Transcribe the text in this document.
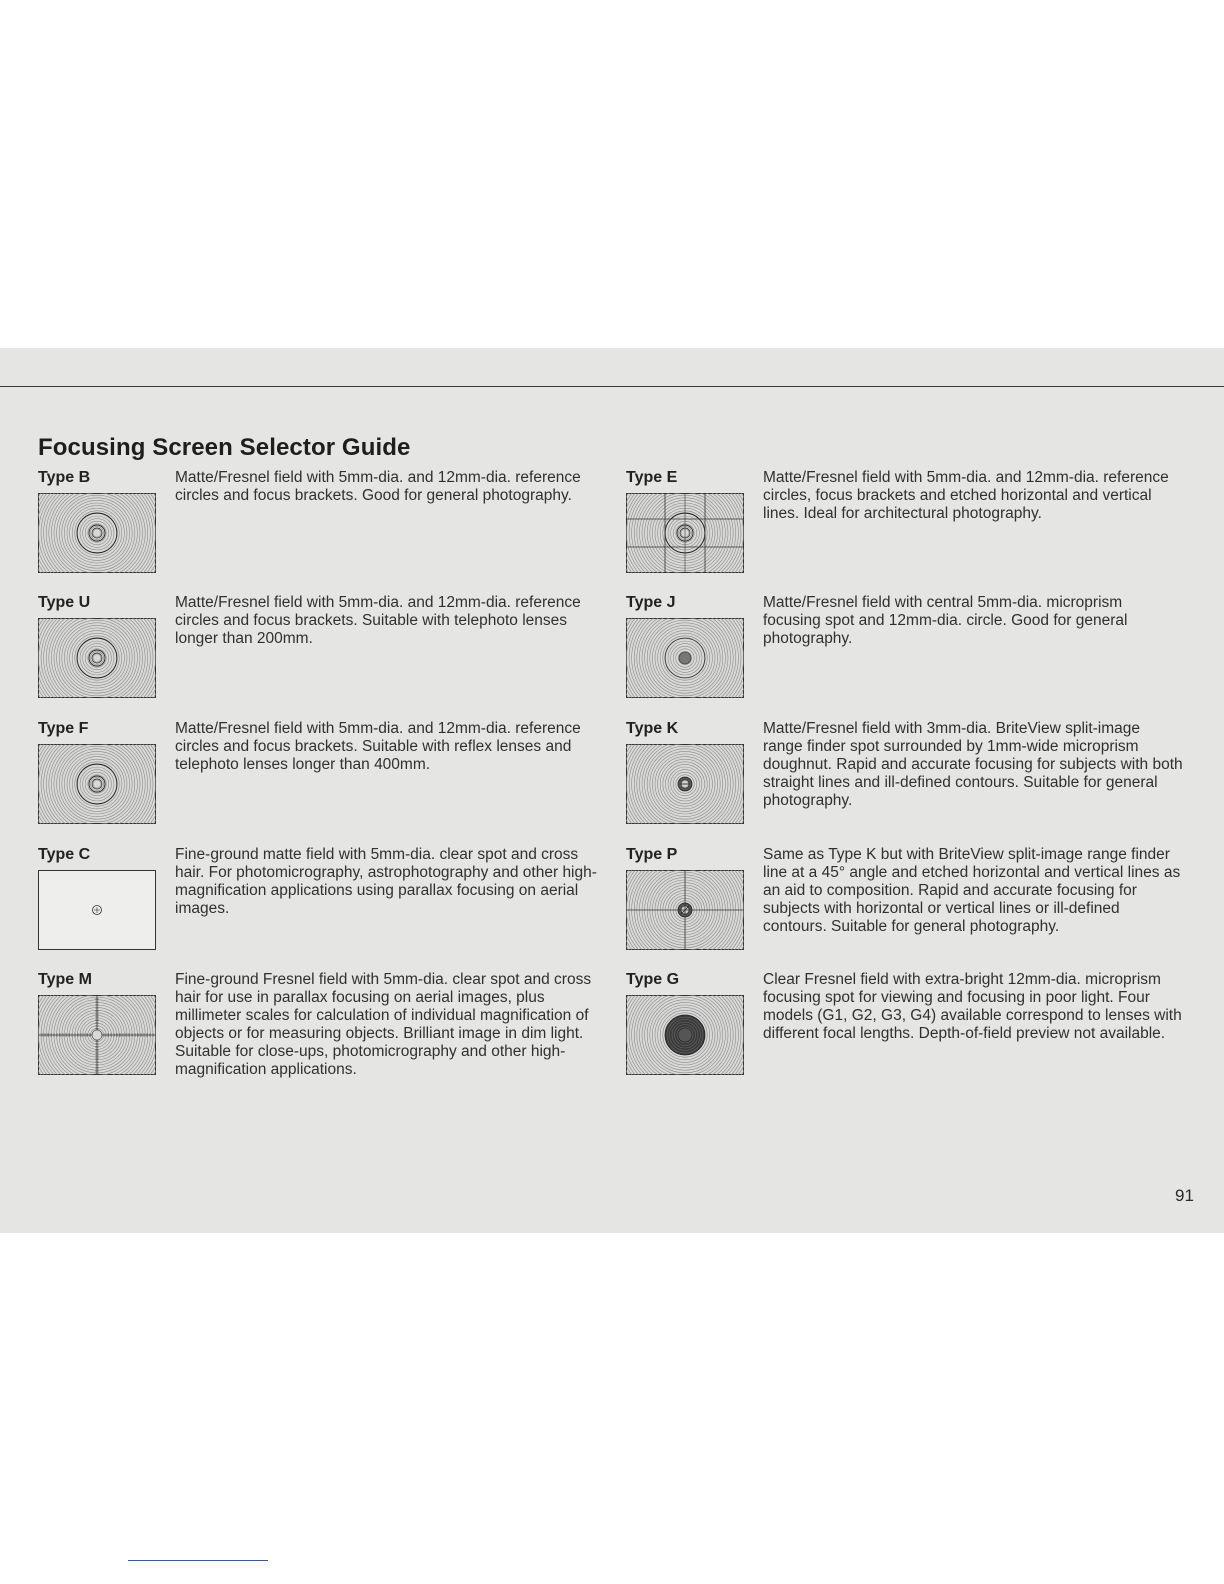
Focusing Screen Selector Guide
Type B	Matte/Fresnel field with 5mm-dia. and 12mm-dia. reference circles and focus brackets. Good for general photography.

Type U	Matte/Fresnel field with 5mm-dia. and 12mm-dia. reference circles and focus brackets. Suitable with telephoto lenses longer than 200mm.

Type F	Matte/Fresnel field with 5mm-dia. and 12mm-dia. reference circles and focus brackets. Suitable with reflex lenses and telephoto lenses longer than 400mm.

Type C	Fine-ground matte field with 5mm-dia. clear spot and cross hair. For photomicrography, astrophotography and other high-magnification applications using parallax focusing on aerial images.

Type M	Fine-ground Fresnel field with 5mm-dia. clear spot and cross hair for use in parallax focusing on aerial images, plus millimeter scales for calculation of individual magnification of objects or for measuring objects. Brilliant image in dim light. Suitable for close-ups, photomicrography and other high-magnification applications.

Type E	Matte/Fresnel field with 5mm-dia. and 12mm-dia. reference circles, focus brackets and etched horizontal and vertical lines. Ideal for architectural photography.

Type J	Matte/Fresnel field with central 5mm-dia. microprism focusing spot and 12mm-dia. circle. Good for general photography.

Type K	Matte/Fresnel field with 3mm-dia. BriteView split-image range finder spot surrounded by 1mm-wide microprism doughnut. Rapid and accurate focusing for subjects with both straight lines and ill-defined contours. Suitable for general photography.

Type P	Same as Type K but with BriteView split-image range finder line at a 45° angle and etched horizontal and vertical lines as an aid to composition. Rapid and accurate focusing for subjects with horizontal or vertical lines or ill-defined contours. Suitable for general photography.

Type G	Clear Fresnel field with extra-bright 12mm-dia. microprism focusing spot for viewing and focusing in poor light. Four models (G1, G2, G3, G4) available correspond to lenses with different focal lengths. Depth-of-field preview not available.

91
